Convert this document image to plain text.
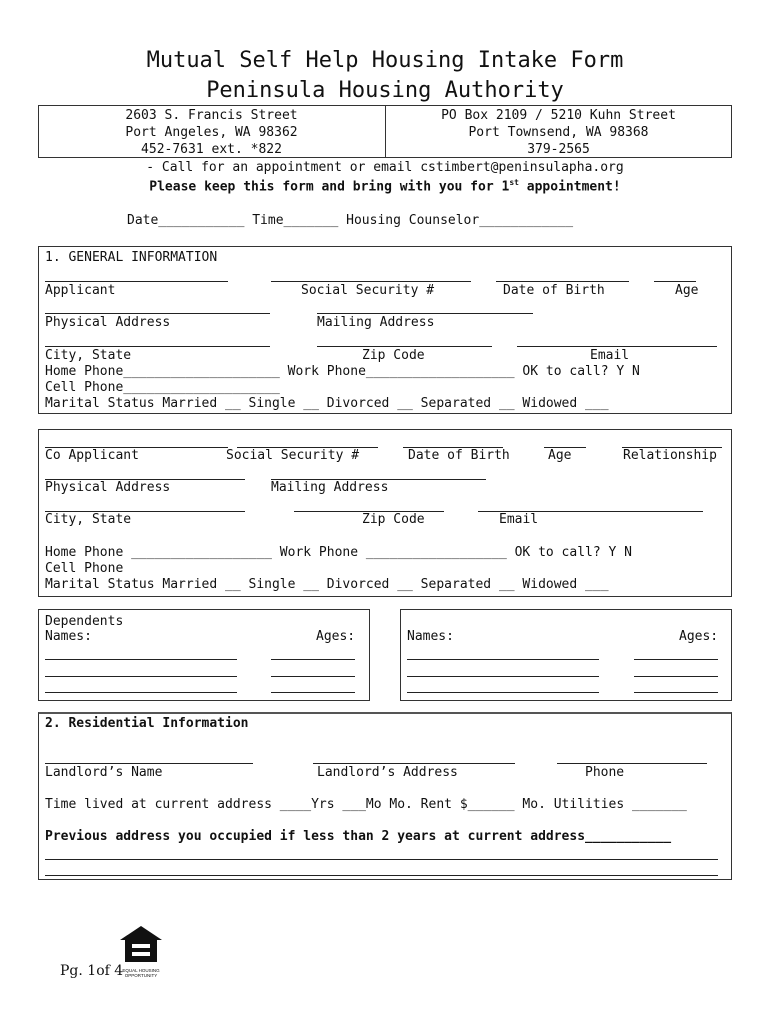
Mutual Self Help Housing Intake Form
Peninsula Housing Authority
2603 S. Francis Street
Port Angeles, WA 98362
452-7631 ext. *822
PO Box 2109 / 5210 Kuhn Street
Port Townsend, WA 98368
379-2565
- Call for an appointment or email cstimbert@peninsulapha.org
Please keep this form and bring with you for 1st appointment!
Date___________ Time_______ Housing Counselor____________
1. GENERAL INFORMATION
Applicant	Social Security #	Date of Birth	Age
Physical Address	Mailing Address
City, State	Zip Code	Email
Home Phone____________________ Work Phone___________________ OK to call? Y N
Cell Phone____________________
Marital Status Married __ Single __ Divorced __ Separated __ Widowed ___
Co Applicant	Social Security #	Date of Birth	Age	Relationship
Physical Address	Mailing Address
City, State	Zip Code	Email
Home Phone __________________ Work Phone __________________ OK to call? Y N
Cell Phone
Marital Status Married __ Single __ Divorced __ Separated __ Widowed ___
Dependents
Names:	Ages:	Names:	Ages:
2. Residential Information
Landlord’s Name	Landlord’s Address	Phone
Time lived at current address ____Yrs ___Mo Mo. Rent $______ Mo. Utilities _______
Previous address you occupied if less than 2 years at current address___________
Pg. 1of 4 EQUAL HOUSING
OPPORTUNITY
